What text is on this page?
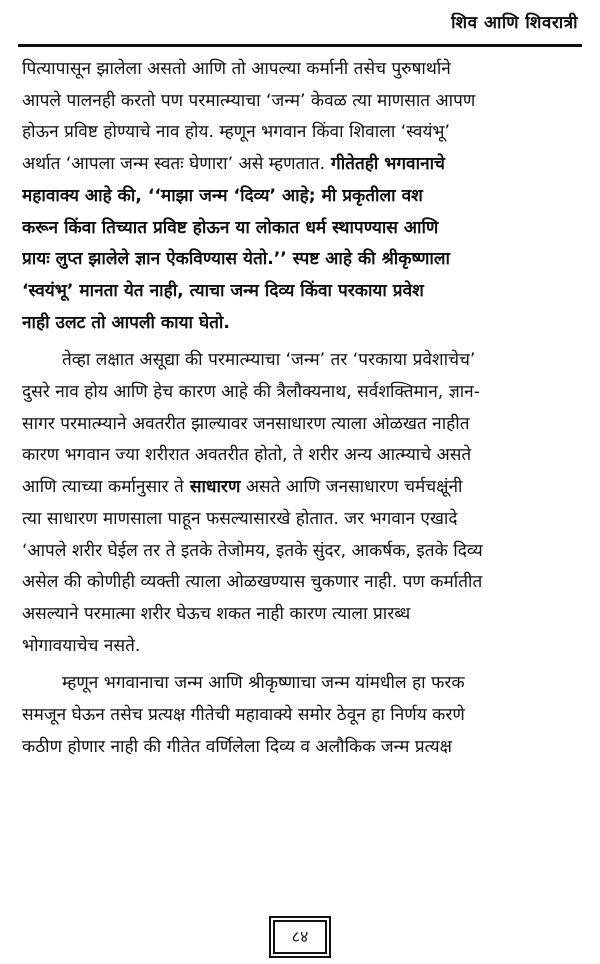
शिव आणि शिवरात्री

पित्यापासून झालेला असतो आणि तो आपल्या कर्मानी तसेच पुरुषार्थाने
आपले पालनही करतो पण परमात्म्याचा ‘जन्म’ केवळ त्या माणसात आपण
होऊन प्रविष्ट होण्याचे नाव होय. म्हणून भगवान किंवा शिवाला ‘स्वयंभू’
अर्थात ‘आपला जन्म स्वतः घेणारा’ असे म्हणतात. गीतेतही भगवानाचे
महावाक्य आहे की, ‘‘माझा जन्म ‘दिव्य’ आहे; मी प्रकृतीला वश
करून किंवा तिच्यात प्रविष्ट होऊन या लोकात धर्म स्थापण्यास आणि
प्रायः लुप्त झालेले ज्ञान ऐकविण्यास येतो.’’ स्पष्ट आहे की श्रीकृष्णाला
‘स्वयंभू’ मानता येत नाही, त्याचा जन्म दिव्य किंवा परकाया प्रवेश
नाही उलट तो आपली काया घेतो.

तेव्हा लक्षात असूद्या की परमात्म्याचा ‘जन्म’ तर ‘परकाया प्रवेशाचेच’
दुसरे नाव होय आणि हेच कारण आहे की त्रैलौक्यनाथ, सर्वशक्तिमान, ज्ञान-
सागर परमात्म्याने अवतरीत झाल्यावर जनसाधारण त्याला ओळखत नाहीत
कारण भगवान ज्या शरीरात अवतरीत होतो, ते शरीर अन्य आत्म्याचे असते
आणि त्याच्या कर्मानुसार ते साधारण असते आणि जनसाधारण चर्मचक्षूंनी
त्या साधारण माणसाला पाहून फसल्यासारखे होतात. जर भगवान एखादे
‘आपले शरीर घेईल तर ते इतके तेजोमय, इतके सुंदर, आकर्षक, इतके दिव्य
असेल की कोणीही व्यक्ती त्याला ओळखण्यास चुकणार नाही. पण कर्मातीत
असल्याने परमात्मा शरीर घेऊच शकत नाही कारण त्याला प्रारब्ध
भोगावयाचेच नसते.

म्हणून भगवानाचा जन्म आणि श्रीकृष्णाचा जन्म यांमधील हा फरक
समजून घेऊन तसेच प्रत्यक्ष गीतेची महावाक्ये समोर ठेवून हा निर्णय करणे
कठीण होणार नाही की गीतेत वर्णिलेला दिव्य व अलौकिक जन्म प्रत्यक्ष

८४
